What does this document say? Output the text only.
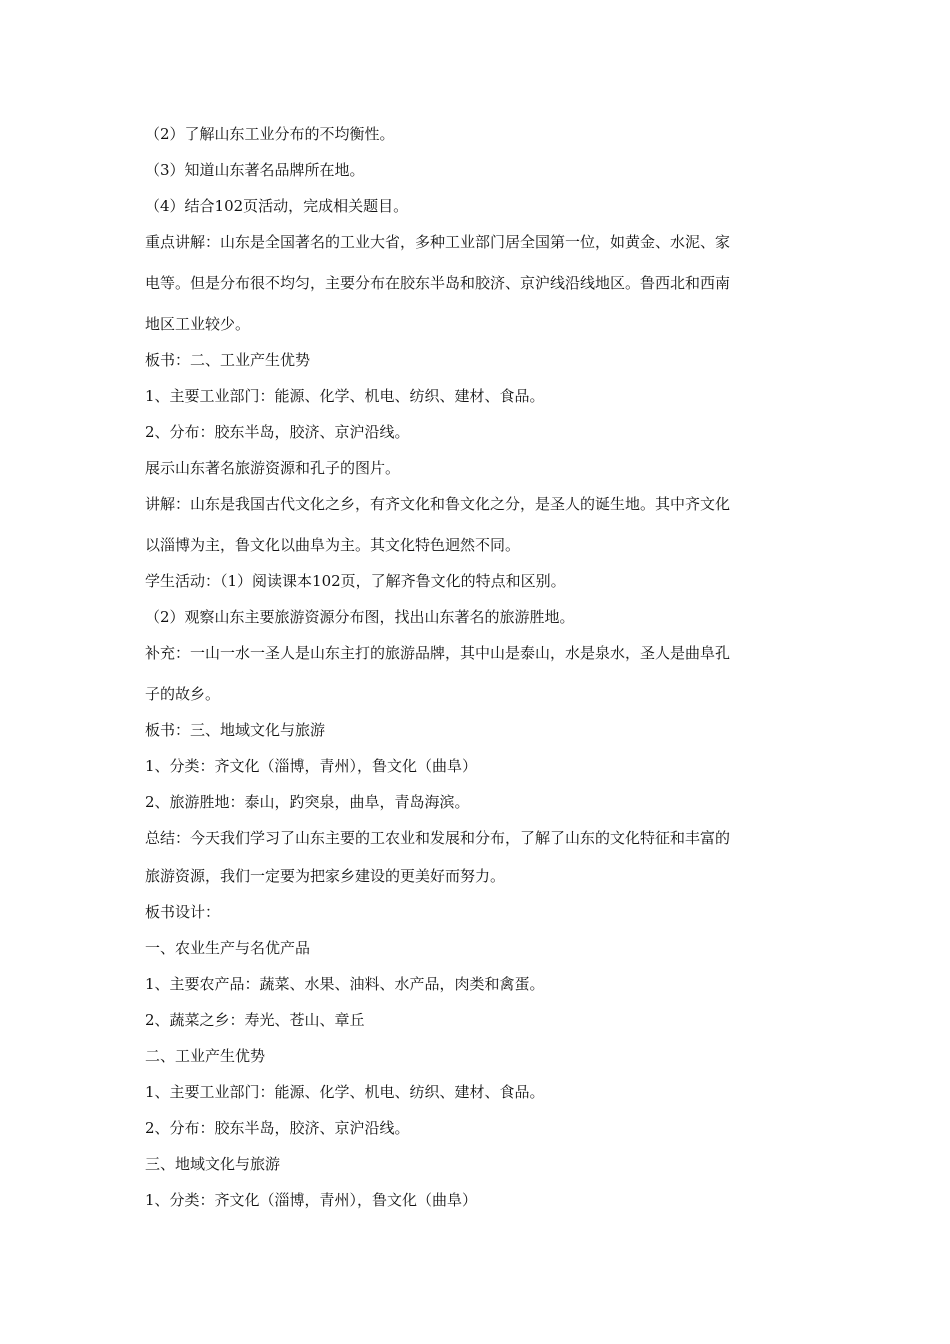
（2）了解山东工业分布的不均衡性。

（3）知道山东著名品牌所在地。

（4）结合102页活动，完成相关题目。

重点讲解：山东是全国著名的工业大省，多种工业部门居全国第一位，如黄金、水泥、家

电等。但是分布很不均匀，主要分布在胶东半岛和胶济、京沪线沿线地区。鲁西北和西南

地区工业较少。

板书：二、工业产生优势

1、主要工业部门：能源、化学、机电、纺织、建材、食品。

2、分布：胶东半岛，胶济、京沪沿线。

展示山东著名旅游资源和孔子的图片。

讲解：山东是我国古代文化之乡，有齐文化和鲁文化之分，是圣人的诞生地。其中齐文化

以淄博为主，鲁文化以曲阜为主。其文化特色迥然不同。

学生活动：（1）阅读课本102页，了解齐鲁文化的特点和区别。

（2）观察山东主要旅游资源分布图，找出山东著名的旅游胜地。

补充：一山一水一圣人是山东主打的旅游品牌，其中山是泰山，水是泉水，圣人是曲阜孔

子的故乡。

板书：三、地域文化与旅游

1、分类：齐文化（淄博，青州），鲁文化（曲阜）

2、旅游胜地：泰山，趵突泉，曲阜，青岛海滨。

总结：今天我们学习了山东主要的工农业和发展和分布，了解了山东的文化特征和丰富的

旅游资源，我们一定要为把家乡建设的更美好而努力。

板书设计：

一、农业生产与名优产品

1、主要农产品：蔬菜、水果、油料、水产品，肉类和禽蛋。

2、蔬菜之乡：寿光、苍山、章丘

二、工业产生优势

1、主要工业部门：能源、化学、机电、纺织、建材、食品。

2、分布：胶东半岛，胶济、京沪沿线。

三、地域文化与旅游

1、分类：齐文化（淄博，青州），鲁文化（曲阜）
